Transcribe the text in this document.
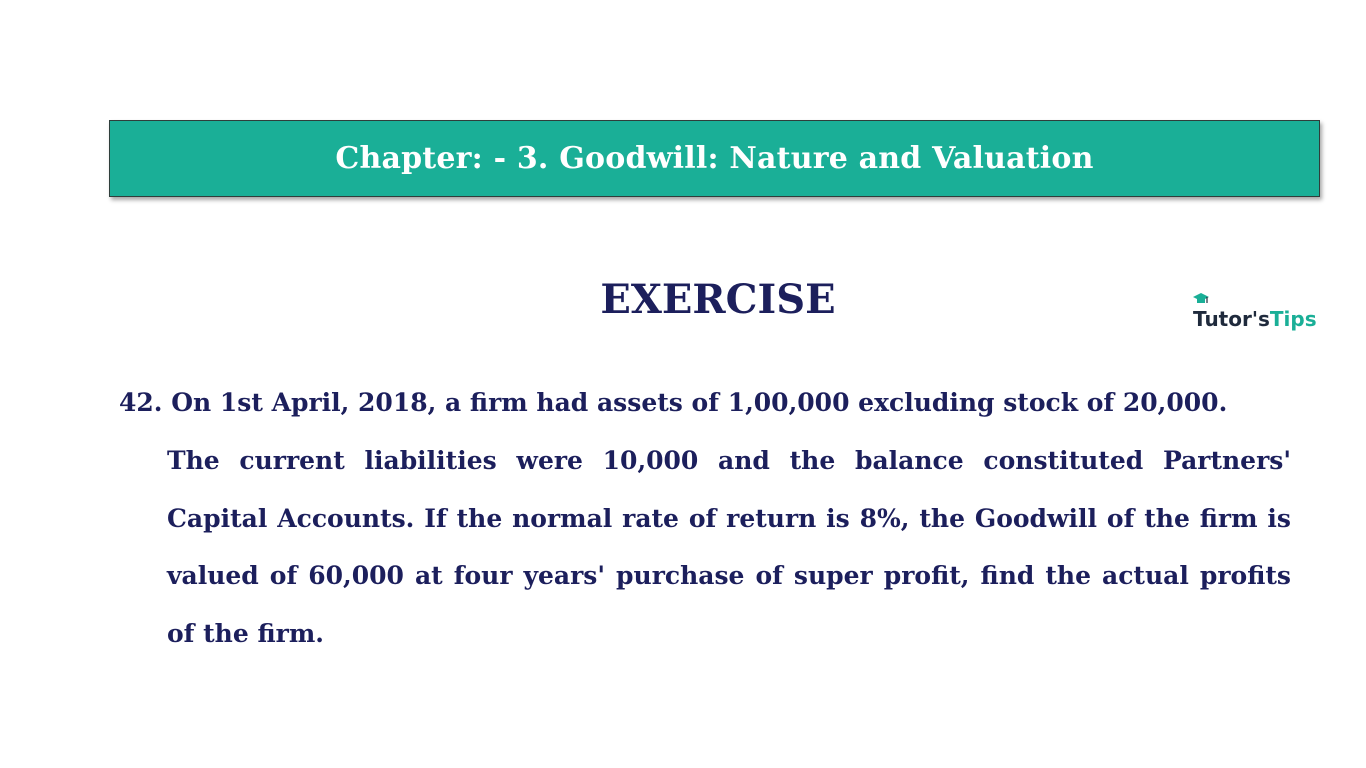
Chapter: - 3. Goodwill: Nature and Valuation
EXERCISE	Tutor'sTips
42. On 1st April, 2018, a firm had assets of 1,00,000 excluding stock of 20,000.
The current liabilities were 10,000 and the balance constituted Partners' Capital Accounts. If the normal rate of return is 8%, the Goodwill of the firm is valued of 60,000 at four years' purchase of super profit, find the actual profits of the firm.
